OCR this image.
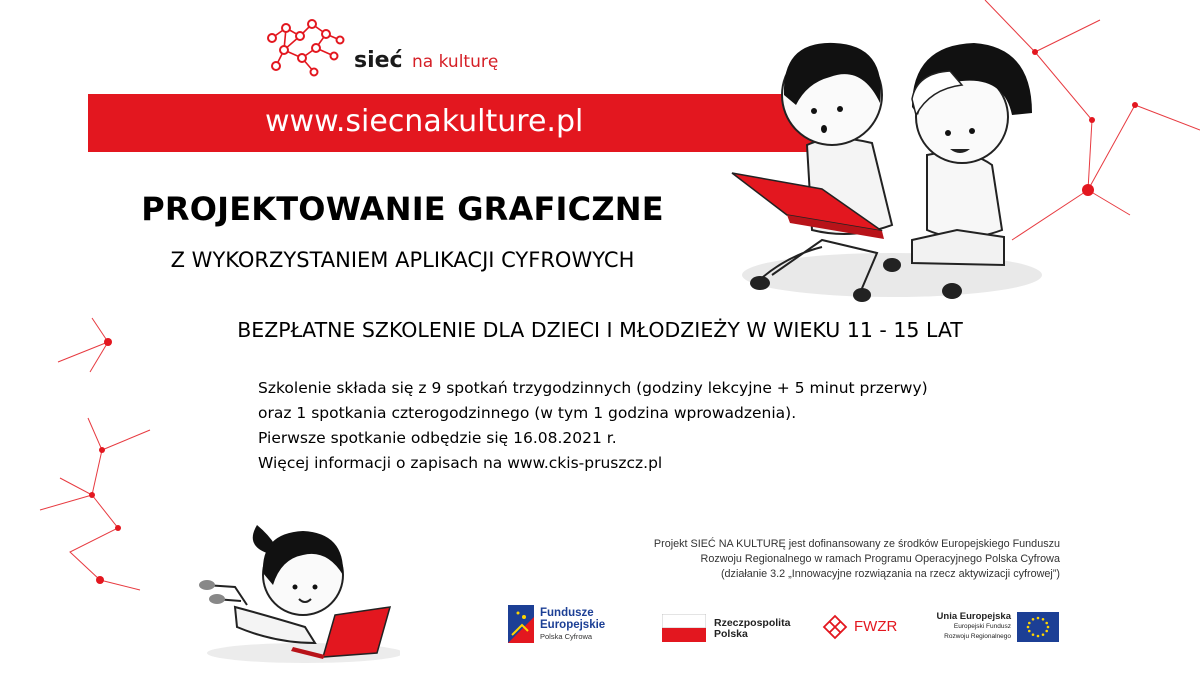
sieć na kulturę
www.siecnakulture.pl
PROJEKTOWANIE GRAFICZNE
Z WYKORZYSTANIEM APLIKACJI CYFROWYCH
BEZPŁATNE SZKOLENIE DLA DZIECI I MŁODZIEŻY W WIEKU 11 - 15 LAT
Szkolenie składa się z 9 spotkań trzygodzinnych (godziny lekcyjne + 5 minut przerwy)
oraz 1 spotkania czterogodzinnego (w tym 1 godzina wprowadzenia).
Pierwsze spotkanie odbędzie się 16.08.2021 r.
Więcej informacji o zapisach na www.ckis-pruszcz.pl
Projekt SIEĆ NA KULTURĘ jest dofinansowany ze środków Europejskiego Funduszu
Rozwoju Regionalnego w ramach Programu Operacyjnego Polska Cyfrowa
(działanie 3.2 „Innowacyjne rozwiązania na rzecz aktywizacji cyfrowej”)
Fundusze
Europejskie
Polska Cyfrowa
Rzeczpospolita
Polska	FWZR
Unia Europejska
Europejski Fundusz
Rozwoju Regionalnego
